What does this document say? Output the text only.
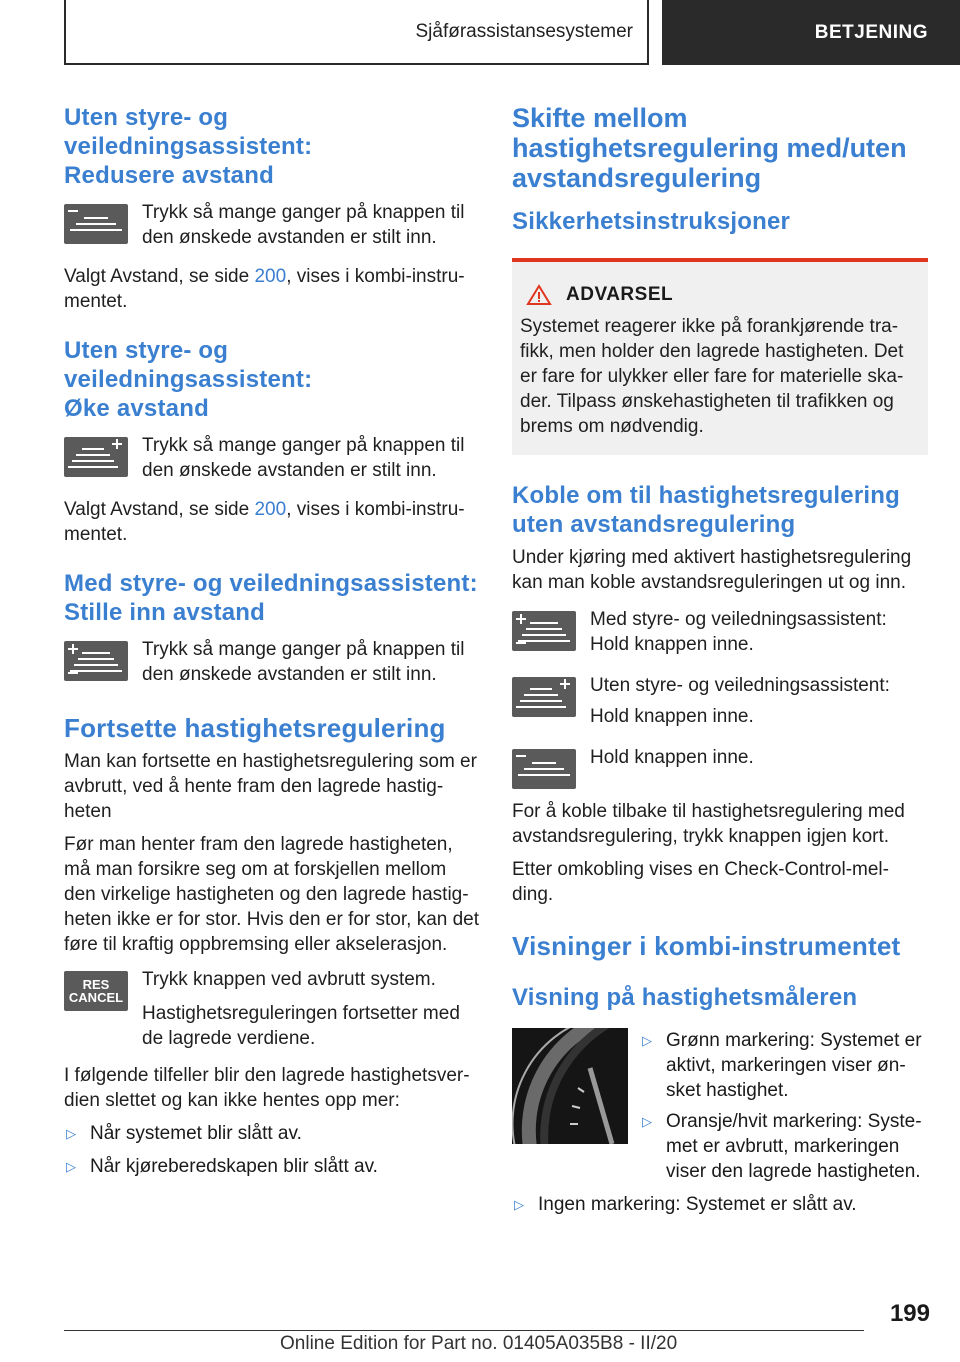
Sjåførassistansesystemer	BETJENING
Uten styre- og veiledningsassistent:
Redusere avstand
Trykk så mange ganger på knappen til den ønskede avstanden er stilt inn.

Valgt Avstand, se side 200, vises i kombi-instru-mentet.

Uten styre- og veiledningsassistent:
Øke avstand
Trykk så mange ganger på knappen til den ønskede avstanden er stilt inn.

Valgt Avstand, se side 200, vises i kombi-instru-mentet.

Med styre- og veiledningsassistent:
Stille inn avstand
Trykk så mange ganger på knappen til den ønskede avstanden er stilt inn.
Fortsette hastighetsregulering

Man kan fortsette en hastighetsregulering som er avbrutt, ved å hente fram den lagrede hastig-heten

Før man henter fram den lagrede hastigheten, må man forsikre seg om at forskjellen mellom den virkelige hastigheten og den lagrede hastig-heten ikke er for stor. Hvis den er for stor, kan det føre til kraftig oppbremsing eller akselerasjon.

RES
CANCEL
Trykk knappen ved avbrutt system.

Hastighetsreguleringen fortsetter med de lagrede verdiene.

I følgende tilfeller blir den lagrede hastighetsver-dien slettet og kan ikke hentes opp mer:

▷ Når systemet blir slått av.
▷ Når kjøreberedskapen blir slått av.
Skifte mellom hastighetsregulering med/uten avstandsregulering
Sikkerhetsinstruksjoner
ADVARSEL
Systemet reagerer ikke på forankjørende tra-fikk, men holder den lagrede hastigheten. Det er fare for ulykker eller fare for materielle ska-der. Tilpass ønskehastigheten til trafikken og brems om nødvendig.
Koble om til hastighetsregulering uten avstandsregulering

Under kjøring med aktivert hastighetsregulering kan man koble avstandsreguleringen ut og inn.

Med styre- og veiledningsassistent:
Hold knappen inne.
Uten styre- og veiledningsassistent:
Hold knappen inne.
Hold knappen inne.

For å koble tilbake til hastighetsregulering med avstandsregulering, trykk knappen igjen kort.

Etter omkobling vises en Check-Control-mel-ding.

Visninger i kombi-instrumentet
Visning på hastighetsmåleren
▷ Grønn markering: Systemet er aktivt, markeringen viser øn-sket hastighet.
▷ Oransje/hvit markering: Syste-met er avbrutt, markeringen viser den lagrede hastigheten.
▷ Ingen markering: Systemet er slått av.
199
Online Edition for Part no. 01405A035B8 - II/20
